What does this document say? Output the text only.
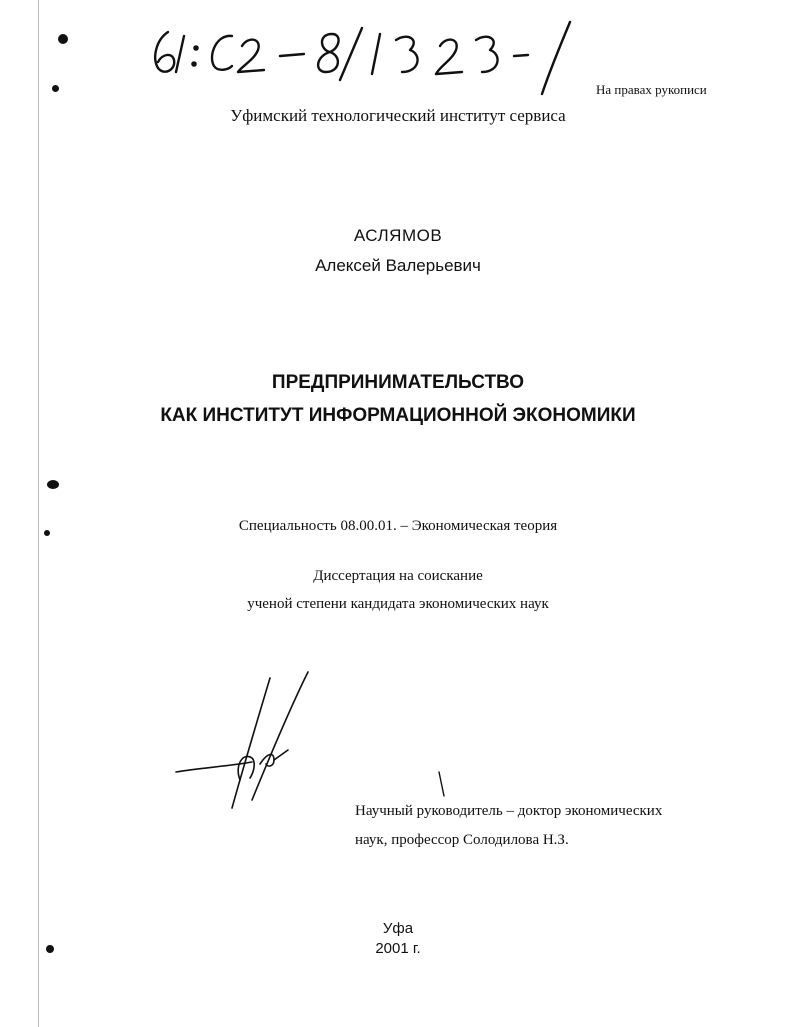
На правах рукописи
Уфимский технологический институт сервиса
АСЛЯМОВ
Алексей Валерьевич
ПРЕДПРИНИМАТЕЛЬСТВО
КАК ИНСТИТУТ ИНФОРМАЦИОННОЙ ЭКОНОМИКИ
Специальность 08.00.01. – Экономическая теория
Диссертация на соискание
ученой степени кандидата экономических наук
Научный руководитель – доктор экономических
наук, профессор Солодилова Н.З.
Уфа
2001 г.
